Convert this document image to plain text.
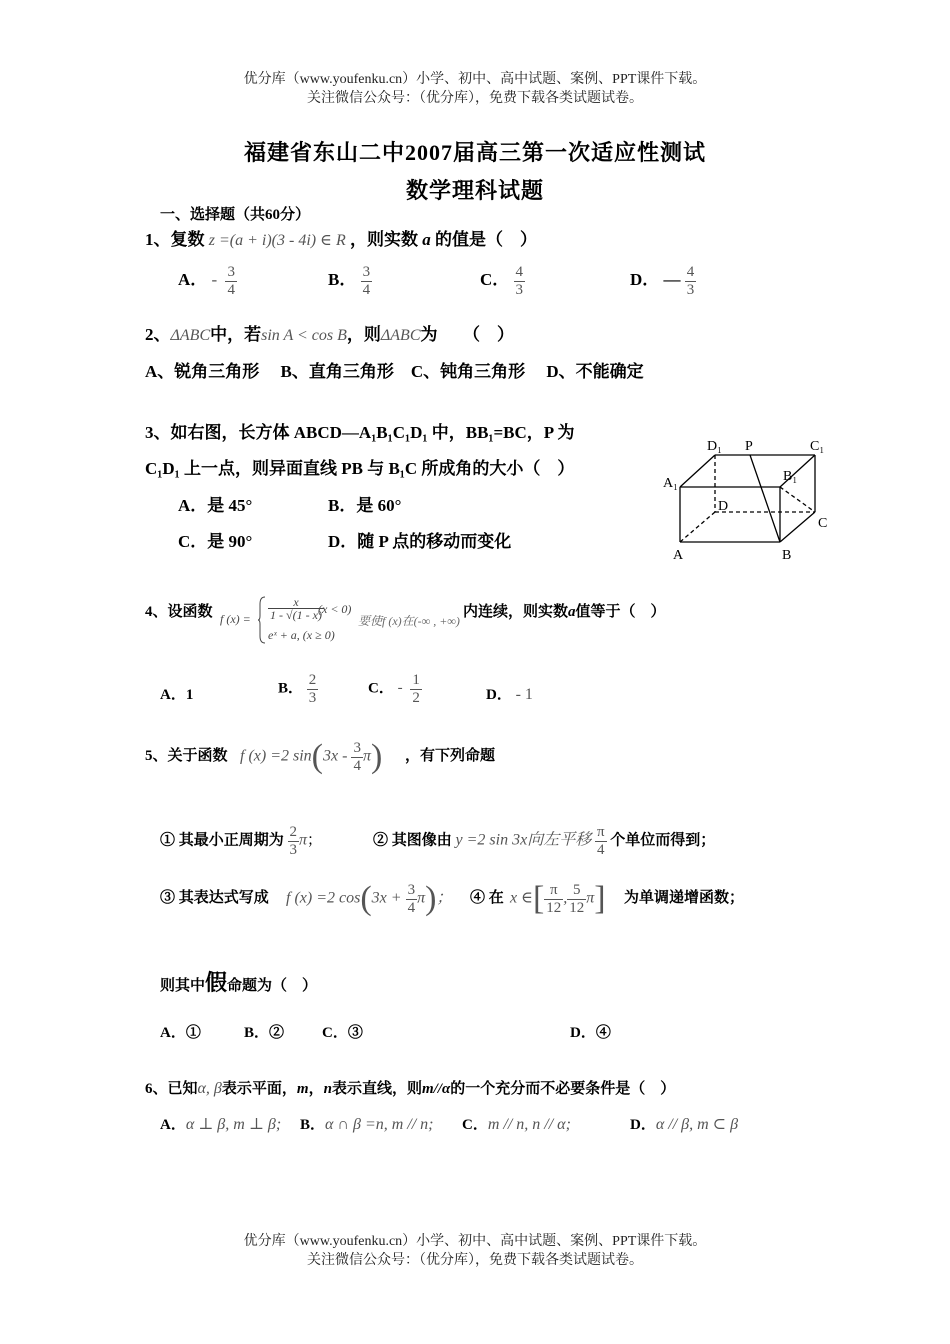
优分库（www.youfenku.cn）小学、初中、高中试题、案例、PPT课件下载。
关注微信公众号：（优分库），免费下载各类试题试卷。
福建省东山二中2007届高三第一次适应性测试
数学理科试题
一、选择题（共60分）
1、复数 z =(a + i)(3 - 4i) ∈ R ，则实数 a 的值是（　）
A． - $\frac{3}{4}$	B． $\frac{3}{4}$	C． $\frac{4}{3}$	D． — $\frac{4}{3}$
2、ΔABC中，若sin A < cos B，则ΔABC为　　（　）
A、锐角三角形　 B、直角三角形　C、钝角三角形　 D、不能确定
3、如右图，长方体 ABCD—A₁B₁C₁D₁ 中，BB₁=BC，P 为
C₁D₁ 上一点，则异面直线 PB 与 B₁C 所成角的大小（　）
A．是 45°	B．是 60°
C．是 90°	D．随 P 点的移动而变化
D₁ P	C₁
A₁	B₁
D
C
A	B
4、设函数 f $(x) = \frac{x}{1 - √(1 - x)}$
(x < 0)
eˣ + a, (x ≥ 0)
要使f (x)在(-∞ , +∞)
内连续，则实数a值等于（　）
A．1	B． $\frac{2}{3}$	C． - $\frac{1}{2}$	D． - 1
5、关于函数 f (x) =2 $\sin(3x - \frac{3}{4} \pi)$ ，有下列命题
① 其最小正周期为 $\frac{2}{3}$ π；	② 其图像由 y =2 sin 3x向左平移 $\frac{\pi}{4}$ 个单位而得到；
③ 其表达式写成 f (x) =2 $\cos(3x + \frac{3}{4} \pi)$； ④ 在 x ∈[ $\frac{\pi}{12}$ , $\frac{5}{12} \pi$] 为单调递增函数；
则其中假命题为（　）
A．①	B．②	C．③	D．④
6、已知α, β表示平面，m，n表示直线，则m//α的一个充分而不必要条件是（　）
A．α ⊥ β, m ⊥ β; B．α ∩ β =n, m // n; C．m // n, n // α;	D．α // β, m ⊂ β
优分库（www.youfenku.cn）小学、初中、高中试题、案例、PPT课件下载。
关注微信公众号：（优分库），免费下载各类试题试卷。
